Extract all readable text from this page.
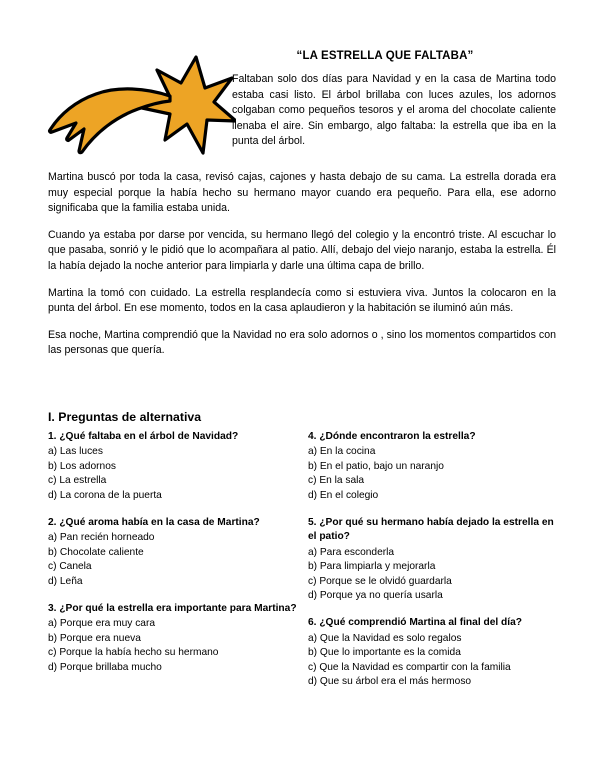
“LA ESTRELLA QUE FALTABA”
Faltaban solo dos días para Navidad y en la casa de Martina todo estaba casi listo. El árbol brillaba con luces azules, los adornos colgaban como pequeños tesoros y el aroma del chocolate caliente llenaba el aire. Sin embargo, algo faltaba: la estrella que iba en la punta del árbol.

Martina buscó por toda la casa, revisó cajas, cajones y hasta debajo de su cama. La estrella dorada era muy especial porque la había hecho su hermano mayor cuando era pequeño. Para ella, ese adorno significaba que la familia estaba unida.

Cuando ya estaba por darse por vencida, su hermano llegó del colegio y la encontró triste. Al escuchar lo que pasaba, sonrió y le pidió que lo acompañara al patio. Allí, debajo del viejo naranjo, estaba la estrella. Él la había dejado la noche anterior para limpiarla y darle una última capa de brillo.

Martina la tomó con cuidado. La estrella resplandecía como si estuviera viva. Juntos la colocaron en la punta del árbol. En ese momento, todos en la casa aplaudieron y la habitación se iluminó aún más.

Esa noche, Martina comprendió que la Navidad no era solo adornos o , sino los momentos compartidos con las personas que quería.

I. Preguntas de alternativa
1. ¿Qué faltaba en el árbol de Navidad?
a) Las luces
b) Los adornos
c) La estrella
d) La corona de la puerta
2. ¿Qué aroma había en la casa de Martina?
a) Pan recién horneado
b) Chocolate caliente
c) Canela
d) Leña
3. ¿Por qué la estrella era importante para Martina?
a) Porque era muy cara
b) Porque era nueva
c) Porque la había hecho su hermano
d) Porque brillaba mucho
4. ¿Dónde encontraron la estrella?
a) En la cocina
b) En el patio, bajo un naranjo
c) En la sala
d) En el colegio
5. ¿Por qué su hermano había dejado la estrella en el patio?
a) Para esconderla
b) Para limpiarla y mejorarla
c) Porque se le olvidó guardarla
d) Porque ya no quería usarla
6. ¿Qué comprendió Martina al final del día?
a) Que la Navidad es solo regalos
b) Que lo importante es la comida
c) Que la Navidad es compartir con la familia
d) Que su árbol era el más hermoso
